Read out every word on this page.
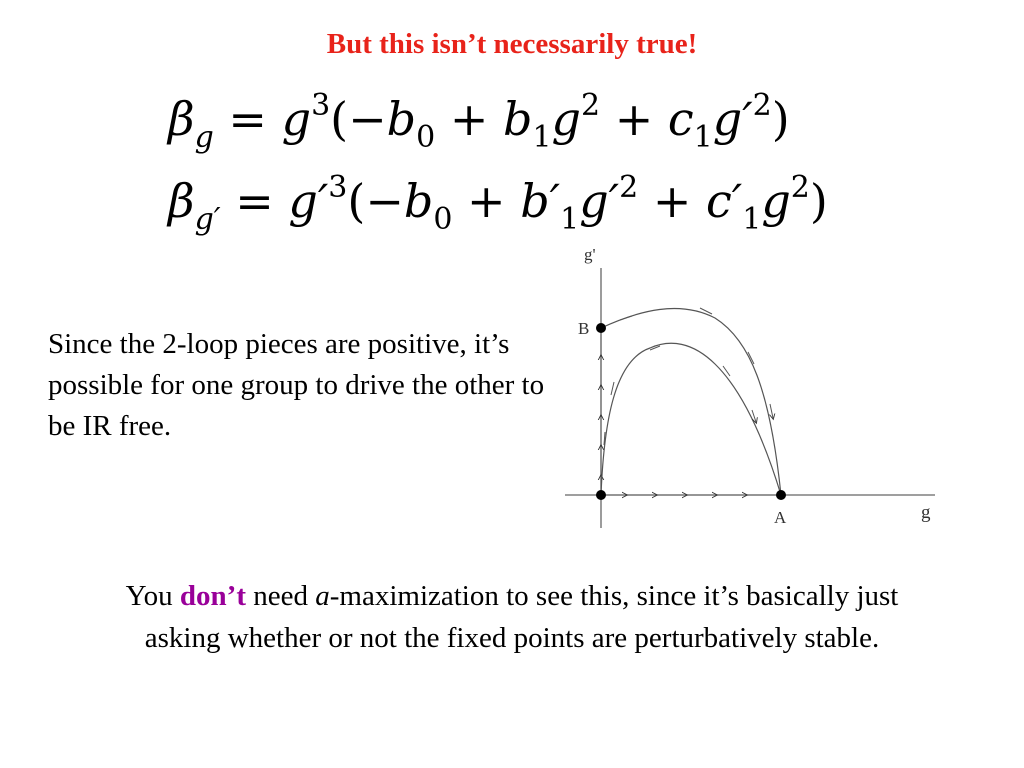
But this isn’t necessarily true!
$\beta_g = g^3(-b_0 + b_1g^2 + c_1g'^2)$
$\beta_{g'} = g'^3(-b_0 + b'_1g'^2 + c'_1g^2)$
Since the 2-loop pieces are positive, it’s possible for one group to drive the other to be IR free.
g'
g
B
A
You don’t need a-maximization to see this, since it’s basically just asking whether or not the fixed points are perturbatively stable.
